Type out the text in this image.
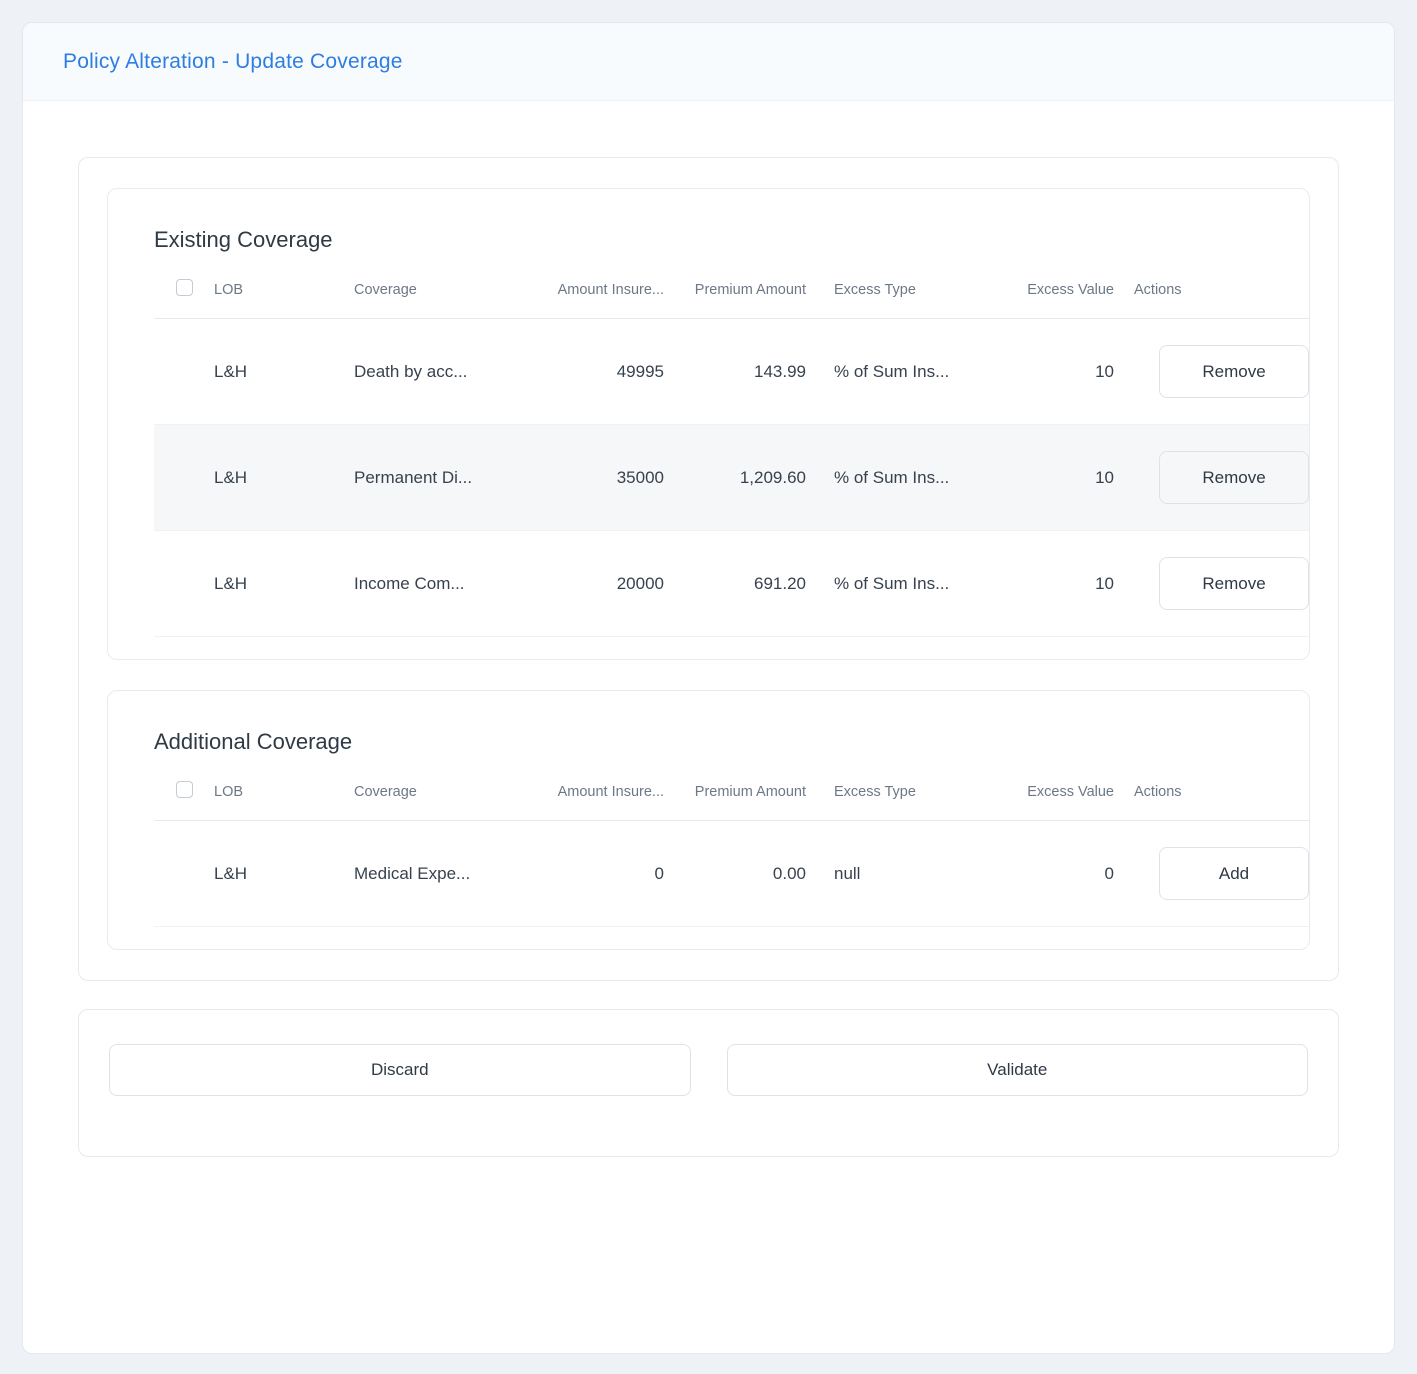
Policy Alteration - Update Coverage
Existing Coverage
	LOB	Coverage	Amount Insure...	Premium Amount	Excess Type	Excess Value	Actions
	L&H	Death by acc...	49995	143.99	% of Sum Ins...	10	Remove

	L&H	Permanent Di...	35000	1,209.60	% of Sum Ins...	10	Remove

	L&H	Income Com...	20000	691.20	% of Sum Ins...	10	Remove
Additional Coverage
	LOB	Coverage	Amount Insure...	Premium Amount	Excess Type	Excess Value	Actions
	L&H	Medical Expe...	0	0.00	null	0	Add
Discard	Validate
